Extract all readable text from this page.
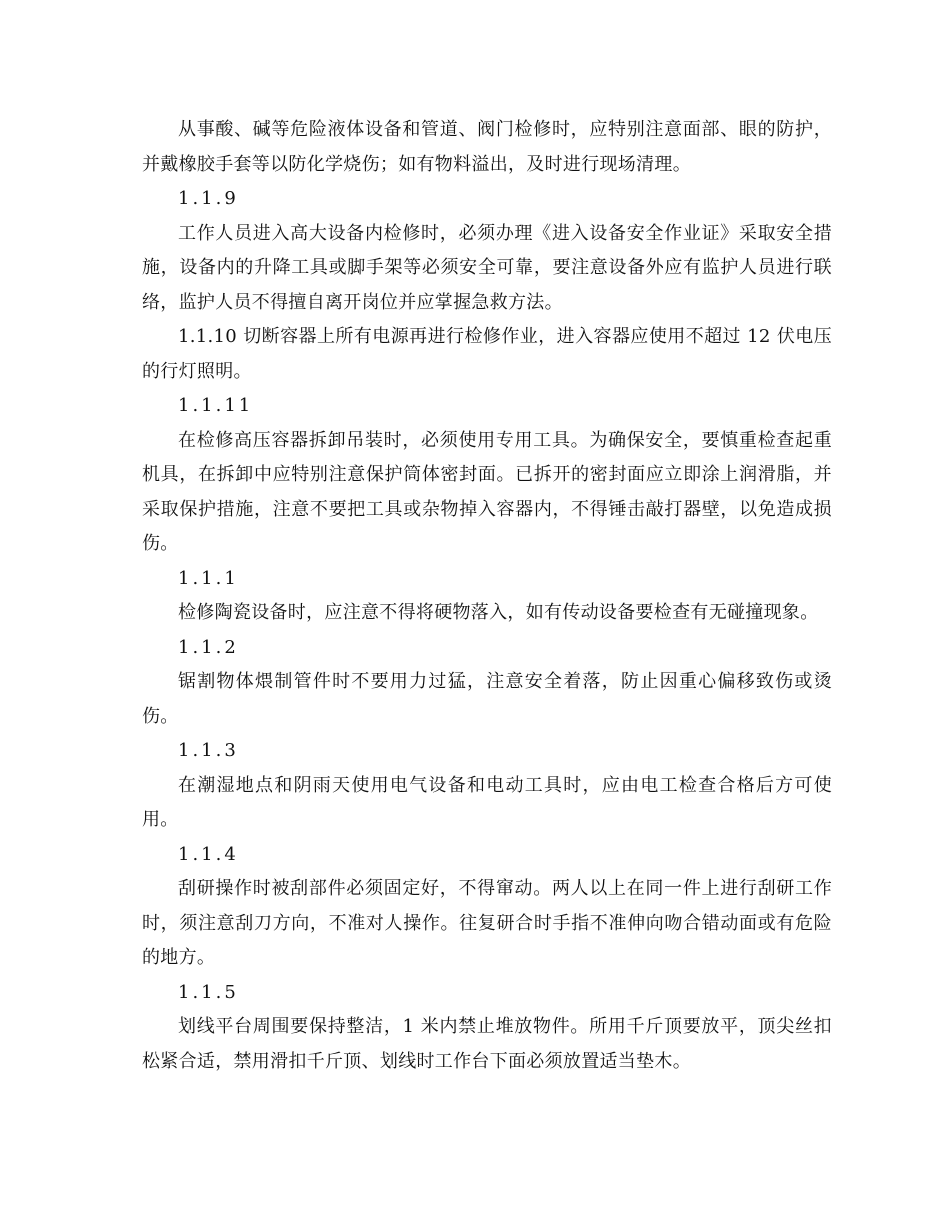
从事酸、碱等危险液体设备和管道、阀门检修时，应特别注意面部、眼的防护，并戴橡胶手套等以防化学烧伤；如有物料溢出，及时进行现场清理。

1.1.9

工作人员进入高大设备内检修时，必须办理《进入设备安全作业证》采取安全措施，设备内的升降工具或脚手架等必须安全可靠，要注意设备外应有监护人员进行联络，监护人员不得擅自离开岗位并应掌握急救方法。

1.1.10 切断容器上所有电源再进行检修作业，进入容器应使用不超过 12 伏电压的行灯照明。

1.1.11

在检修高压容器拆卸吊装时，必须使用专用工具。为确保安全，要慎重检查起重机具，在拆卸中应特别注意保护筒体密封面。已拆开的密封面应立即涂上润滑脂，并采取保护措施，注意不要把工具或杂物掉入容器内，不得锤击敲打器壁，以免造成损伤。

1.1.1

检修陶瓷设备时，应注意不得将硬物落入，如有传动设备要检查有无碰撞现象。

1.1.2

锯割物体煨制管件时不要用力过猛，注意安全着落，防止因重心偏移致伤或烫伤。

1.1.3

在潮湿地点和阴雨天使用电气设备和电动工具时，应由电工检查合格后方可使用。

1.1.4

刮研操作时被刮部件必须固定好，不得窜动。两人以上在同一件上进行刮研工作时，须注意刮刀方向，不准对人操作。往复研合时手指不准伸向吻合错动面或有危险的地方。

1.1.5

划线平台周围要保持整洁，1 米内禁止堆放物件。所用千斤顶要放平，顶尖丝扣松紧合适，禁用滑扣千斤顶、划线时工作台下面必须放置适当垫木。
